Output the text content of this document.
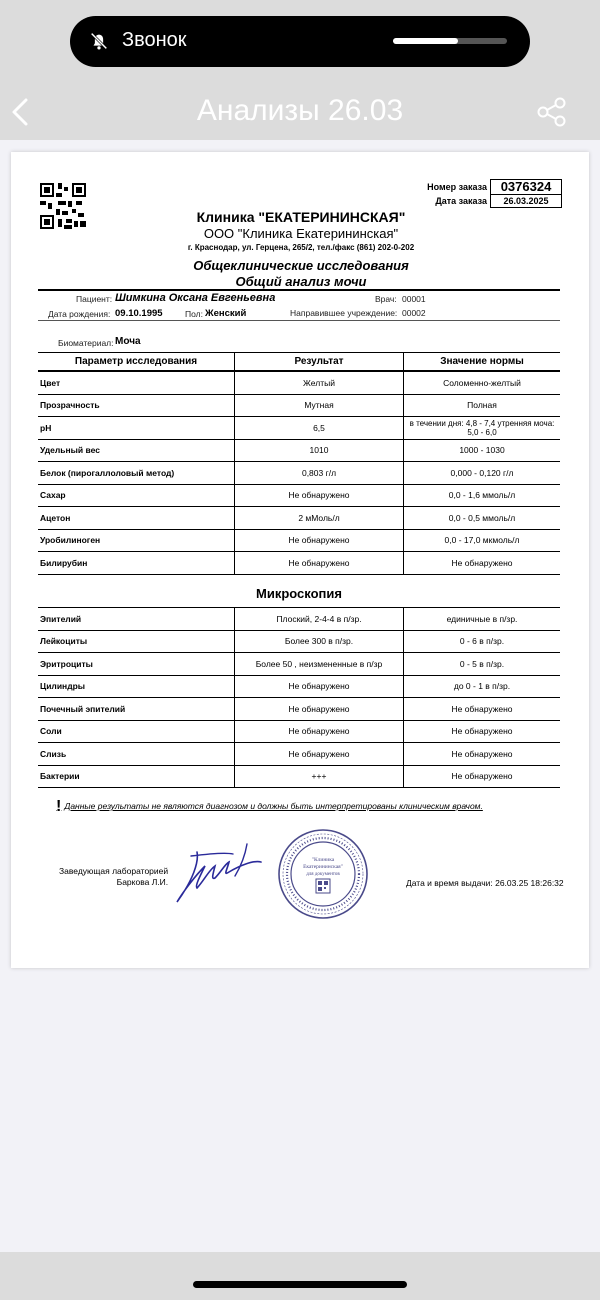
Звонок
Анализы 26.03
Номер заказа	0376324
Дата заказа	26.03.2025
Клиника "ЕКАТЕРИНИНСКАЯ"
ООО "Клиника Екатерининская"
г. Краснодар, ул. Герцена, 265/2, тел./факс (861) 202-0-202
Общеклинические исследования
Общий анализ мочи
Пациент: Шимкина Оксана Евгеньевна	Врач: 00001
Дата рождения: 09.10.1995	Пол: Женский	Направившее учреждение: 00002
Биоматериал: Моча
Параметр исследования	Результат	Значение нормы
Цвет	Желтый	Соломенно-желтый
Прозрачность	Мутная	Полная
pH	6,5	в течении дня: 4,8 - 7,4 утренняя моча: 5,0 - 6,0
Удельный вес	1010	1000 - 1030
Белок (пирогаллоловый метод)	0,803 г/л	0,000 - 0,120 г/л
Сахар	Не обнаружено	0,0 - 1,6 ммоль/л
Ацетон	2 мМоль/л	0,0 - 0,5 ммоль/л
Уробилиноген	Не обнаружено	0,0 - 17,0 мкмоль/л
Билирубин	Не обнаружено	Не обнаружено
Микроскопия
Эпителий	Плоский, 2-4-4 в п/зр.	единичные в п/зр.
Лейкоциты	Более 300 в п/зр.	0 - 6 в п/зр.
Эритроциты	Более 50 , неизмененные в п/зр	0 - 5 в п/зр.
Цилиндры	Не обнаружено	до 0 - 1 в п/зр.
Почечный эпителий	Не обнаружено	Не обнаружено
Соли	Не обнаружено	Не обнаружено
Слизь	Не обнаружено	Не обнаружено
Бактерии	+++	Не обнаружено
! Данные результаты не являются диагнозом и должны быть интерпретированы клиническим врачом.
Заведующая лабораторией
Баркова Л.И.
"Клиника
Екатерининская"
для документов
Дата и время выдачи: 26.03.25 18:26:32
